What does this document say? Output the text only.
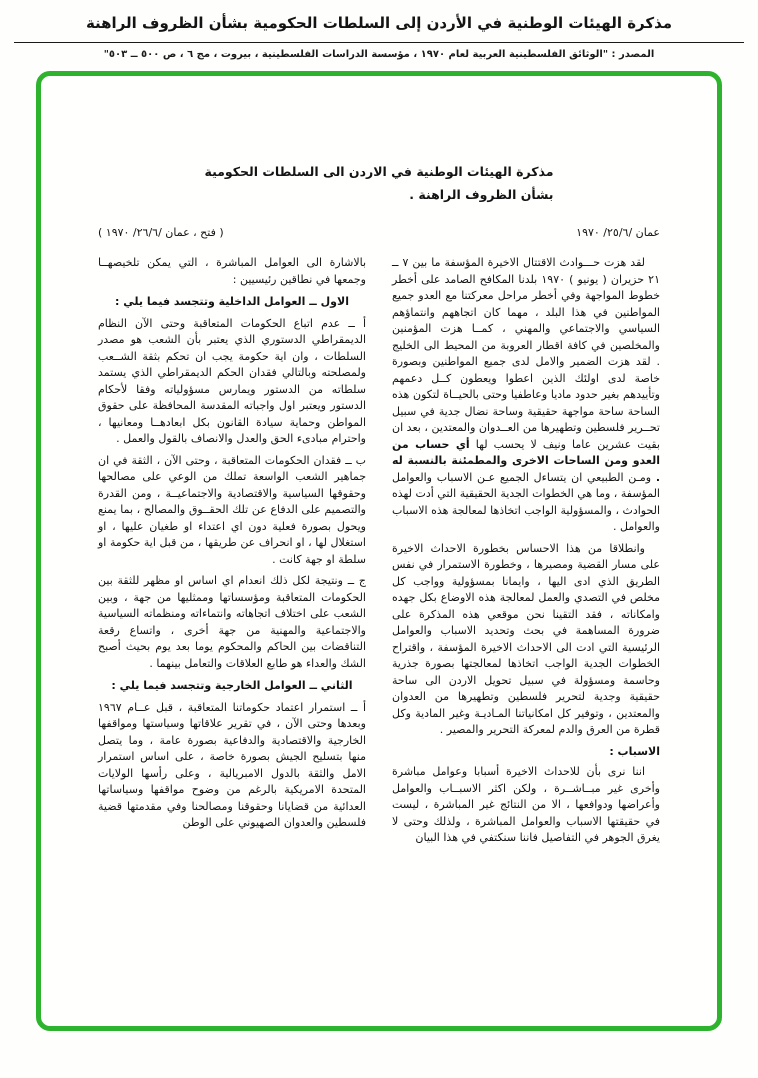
مذكرة الهيئات الوطنية في الأردن إلى السلطات الحكومية بشأن الظروف الراهنة
المصدر : "الوثائق الفلسطينية العربية لعام ١٩٧٠ ، مؤسسة الدراسات الفلسطينية ، بيروت ، مج ٦ ، ص ٥٠٠ ــ ٥٠٣"
مذكرة الهيئات الوطنية في الاردن الى السلطات الحكومية
بشأن الظروف الراهنة .
عمان /٢٥/٦/ ١٩٧٠
( فتح ، عمان /٢٦/٦/ ١٩٧٠ )

لقد هزت حـــوادث الاقتتال الاخيرة المؤسفة ما بين ٧ ــ ٢١ حزيران ( يونيو ) ١٩٧٠ بلدنا المكافح الصامد على أخطر خطوط المواجهة وفي أخطر مراحل معركتنا مع العدو جميع المواطنين في هذا البلد ، مهما كان اتجاههم وانتماؤهم السياسي والاجتماعي والمهني ، كمــا هزت المؤمنين والمخلصين في كافة اقطار العروبة من المحيط الى الخليج . لقد هزت الضمير والامل لدى جميع المواطنين وبصورة خاصة لدى اولئك الذين اعطوا ويعطون كــل دعمهم وتأييدهم بغير حدود ماديا وعاطفيا وحتى بالحيــاة لتكون هذه الساحة ساحة مواجهة حقيقية وساحة نضال جدية في سبيل تحــرير فلسطين وتطهيرها من العــدوان والمعتدين ، بعد ان بقيت عشرين عاما ونيف لا يحسب لها أي حساب من العدو ومن الساحات الاخرى والمطمئنة بالنسبة له . ومـن الطبيعي ان يتساءل الجميع عـن الاسباب والعوامل المؤسفة ، وما هي الخطوات الجدية الحقيقية التي أدت لهذه الحوادث ، والمسؤولية الواجب اتخاذها لمعالجة هذه الاسباب والعوامل .

وانطلاقا من هذا الاحساس بخطورة الاحداث الاخيرة على مسار القضية ومصيرها ، وخطورة الاستمرار في نفس الطريق الذي ادى اليها ، وايمانا بمسؤولية وواجب كل مخلص في التصدي والعمل لمعالجة هذه الاوضاع بكل جهده وامكاناته ، فقد التقينا نحن موقعي هذه المذكرة على ضرورة المساهمة في بحث وتحديد الاسباب والعوامل الرئيسية التي ادت الى الاحداث الاخيرة المؤسفة ، واقتراح الخطوات الجدية الواجب اتخاذها لمعالجتها بصورة جذرية وحاسمة ومسؤولة في سبيل تحويل الاردن الى ساحة حقيقية وجدية لتحرير فلسطين وتطهيرها من العدوان والمعتدين ، وتوفير كل امكانياتنا المـاديـة وغير المادية وكل قطرة من العرق والدم لمعركة التحرير والمصير .

الاسباب :

اننا نرى بأن للاحداث الاخيرة أسبابا وعوامل مباشرة وأخرى غير مبــاشــرة ، ولكن اكثر الاسبــاب والعوامل وأعراضها ودوافعها ، الا من النتائج غير المباشرة ، ليست في حقيقتها الاسباب والعوامل المباشرة ، ولذلك وحتى لا يغرق الجوهر في التفاصيل فاننا سنكتفي في هذا البيان

بالاشارة الى العوامل المباشرة ، التي يمكن تلخيصهــا وجمعها في نطاقين رئيسيين :

الاول ــ العوامل الداخلية وتتجسد فيما يلي :

أ ــ عدم اتباع الحكومات المتعاقبة وحتى الآن النظام الديمقراطي الدستوري الذي يعتبر بأن الشعب هو مصدر السلطات ، وان اية حكومة يجب ان تحكم بثقة الشــعب ولمصلحته وبالتالي فقدان الحكم الديمقراطي الذي يستمد سلطاته من الدستور ويمارس مسؤولياته وفقا لأحكام الدستور ويعتبر اول واجباته المقدسة المحافظة على حقوق المواطن وحماية سيادة القانون بكل ابعادهــا ومعانيها ، واحترام مبادىء الحق والعدل والانصاف بالقول والعمل .

ب ــ فقدان الحكومات المتعاقبة ، وحتى الآن ، الثقة في ان جماهير الشعب الواسعة تملك من الوعي على مصالحها وحقوقها السياسية والاقتصادية والاجتماعيــة ، ومن القدرة والتصميم على الدفاع عن تلك الحقــوق والمصالح ، بما يمنع ويحول بصورة فعلية دون اي اعتداء او طغيان عليها ، او استغلال لها ، او انحراف عن طريقها ، من قبل اية حكومة او سلطة او جهة كانت .

ج ــ ونتيجة لكل ذلك انعدام اي اساس او مظهر للثقة بين الحكومات المتعاقبة ومؤسساتها وممثليها من جهة ، وبين الشعب على اختلاف اتجاهاته وانتماءاته ومنظماته السياسية والاجتماعية والمهنية من جهة أخرى ، واتساع رقعة التناقضات بين الحاكم والمحكوم يوما بعد يوم بحيث أصبح الشك والعداء هو طابع العلاقات والتعامل بينهما .

الثاني ــ العوامل الخارجية وتتجسد فيما يلي :

أ ــ استمرار اعتماد حكوماتنا المتعاقبة ، قبل عــام ١٩٦٧ وبعدها وحتى الآن ، في تقرير علاقاتها وسياستها ومواقفها الخارجية والاقتصادية والدفاعية بصورة عامة ، وما يتصل منها بتسليح الجيش بصورة خاصة ، على اساس استمرار الامل والثقة بالدول الامبريالية ، وعلى رأسها الولايات المتحدة الامريكية بالرغم من وضوح مواقفها وسياساتها العدائية من قضايانا وحقوقنا ومصالحنا وفي مقدمتها قضية فلسطين والعدوان الصهيوني على الوطن
